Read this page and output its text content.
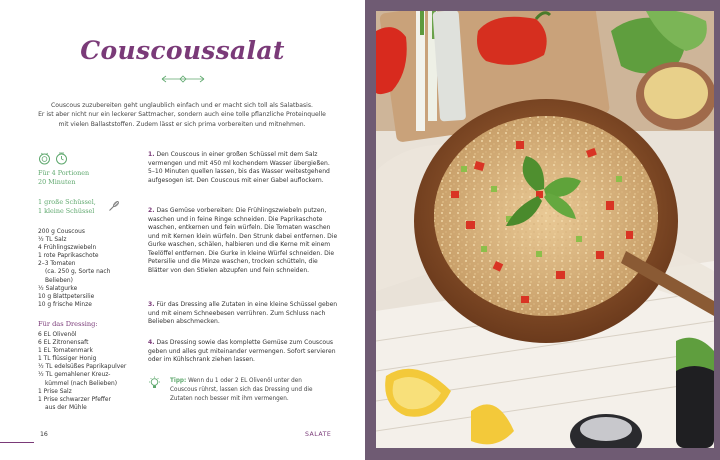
Couscoussalat

Couscous zuzubereiten geht unglaublich einfach und er macht sich toll als Salatbasis.

Er ist aber nicht nur ein leckerer Sattmacher, sondern auch eine tolle pflanzliche Proteinquelle

mit vielen Ballaststoffen. Zudem lässt er sich prima vorbereiten und mitnehmen.

Für 4 Portionen
20 Minuten
1 große Schüssel,
1 kleine Schüssel
200 g Couscous
½ TL Salz
4 Frühlingszwiebeln
1 rote Paprikaschote
2–3 Tomaten
(ca. 250 g, Sorte nach Belieben)
½ Salatgurke
10 g Blattpetersilie
10 g frische Minze
Für das Dressing:
6 EL Olivenöl
6 EL Zitronensaft
1 EL Tomatenmark
1 TL flüssiger Honig
½ TL edelsüßes Paprikapulver
½ TL gemahlener Kreuz-
kümmel (nach Belieben)
1 Prise Salz
1 Prise schwarzer Pfeffer
aus der Mühle
1. Den Couscous in einer großen Schüssel mit dem Salz vermengen und mit 450 ml kochendem Wasser übergießen. 5–10 Minuten quellen lassen, bis das Wasser weitestgehend aufgesogen ist. Den Couscous mit einer Gabel auflockern.
2. Das Gemüse vorbereiten: Die Frühlingszwiebeln putzen, waschen und in feine Ringe schneiden. Die Paprikaschote waschen, entkernen und fein würfeln. Die Tomaten waschen und mit Kernen klein würfeln. Den Strunk dabei entfernen. Die Gurke waschen, schälen, halbieren und die Kerne mit einem Teelöffel entfernen. Die Gurke in kleine Würfel schneiden. Die Petersilie und die Minze waschen, trocken schütteln, die Blätter von den Stielen abzupfen und fein schneiden.
3. Für das Dressing alle Zutaten in eine kleine Schüssel geben und mit einem Schneebesen verrühren. Zum Schluss nach Belieben abschmecken.
4. Das Dressing sowie das komplette Gemüse zum Couscous geben und alles gut miteinander vermengen. Sofort servieren oder im Kühlschrank ziehen lassen.
Tipp: Wenn du 1 oder 2 EL Olivenöl unter den Couscous rührst, lassen sich das Dressing und die Zutaten noch besser mit ihm vermengen.
16	SALATE
